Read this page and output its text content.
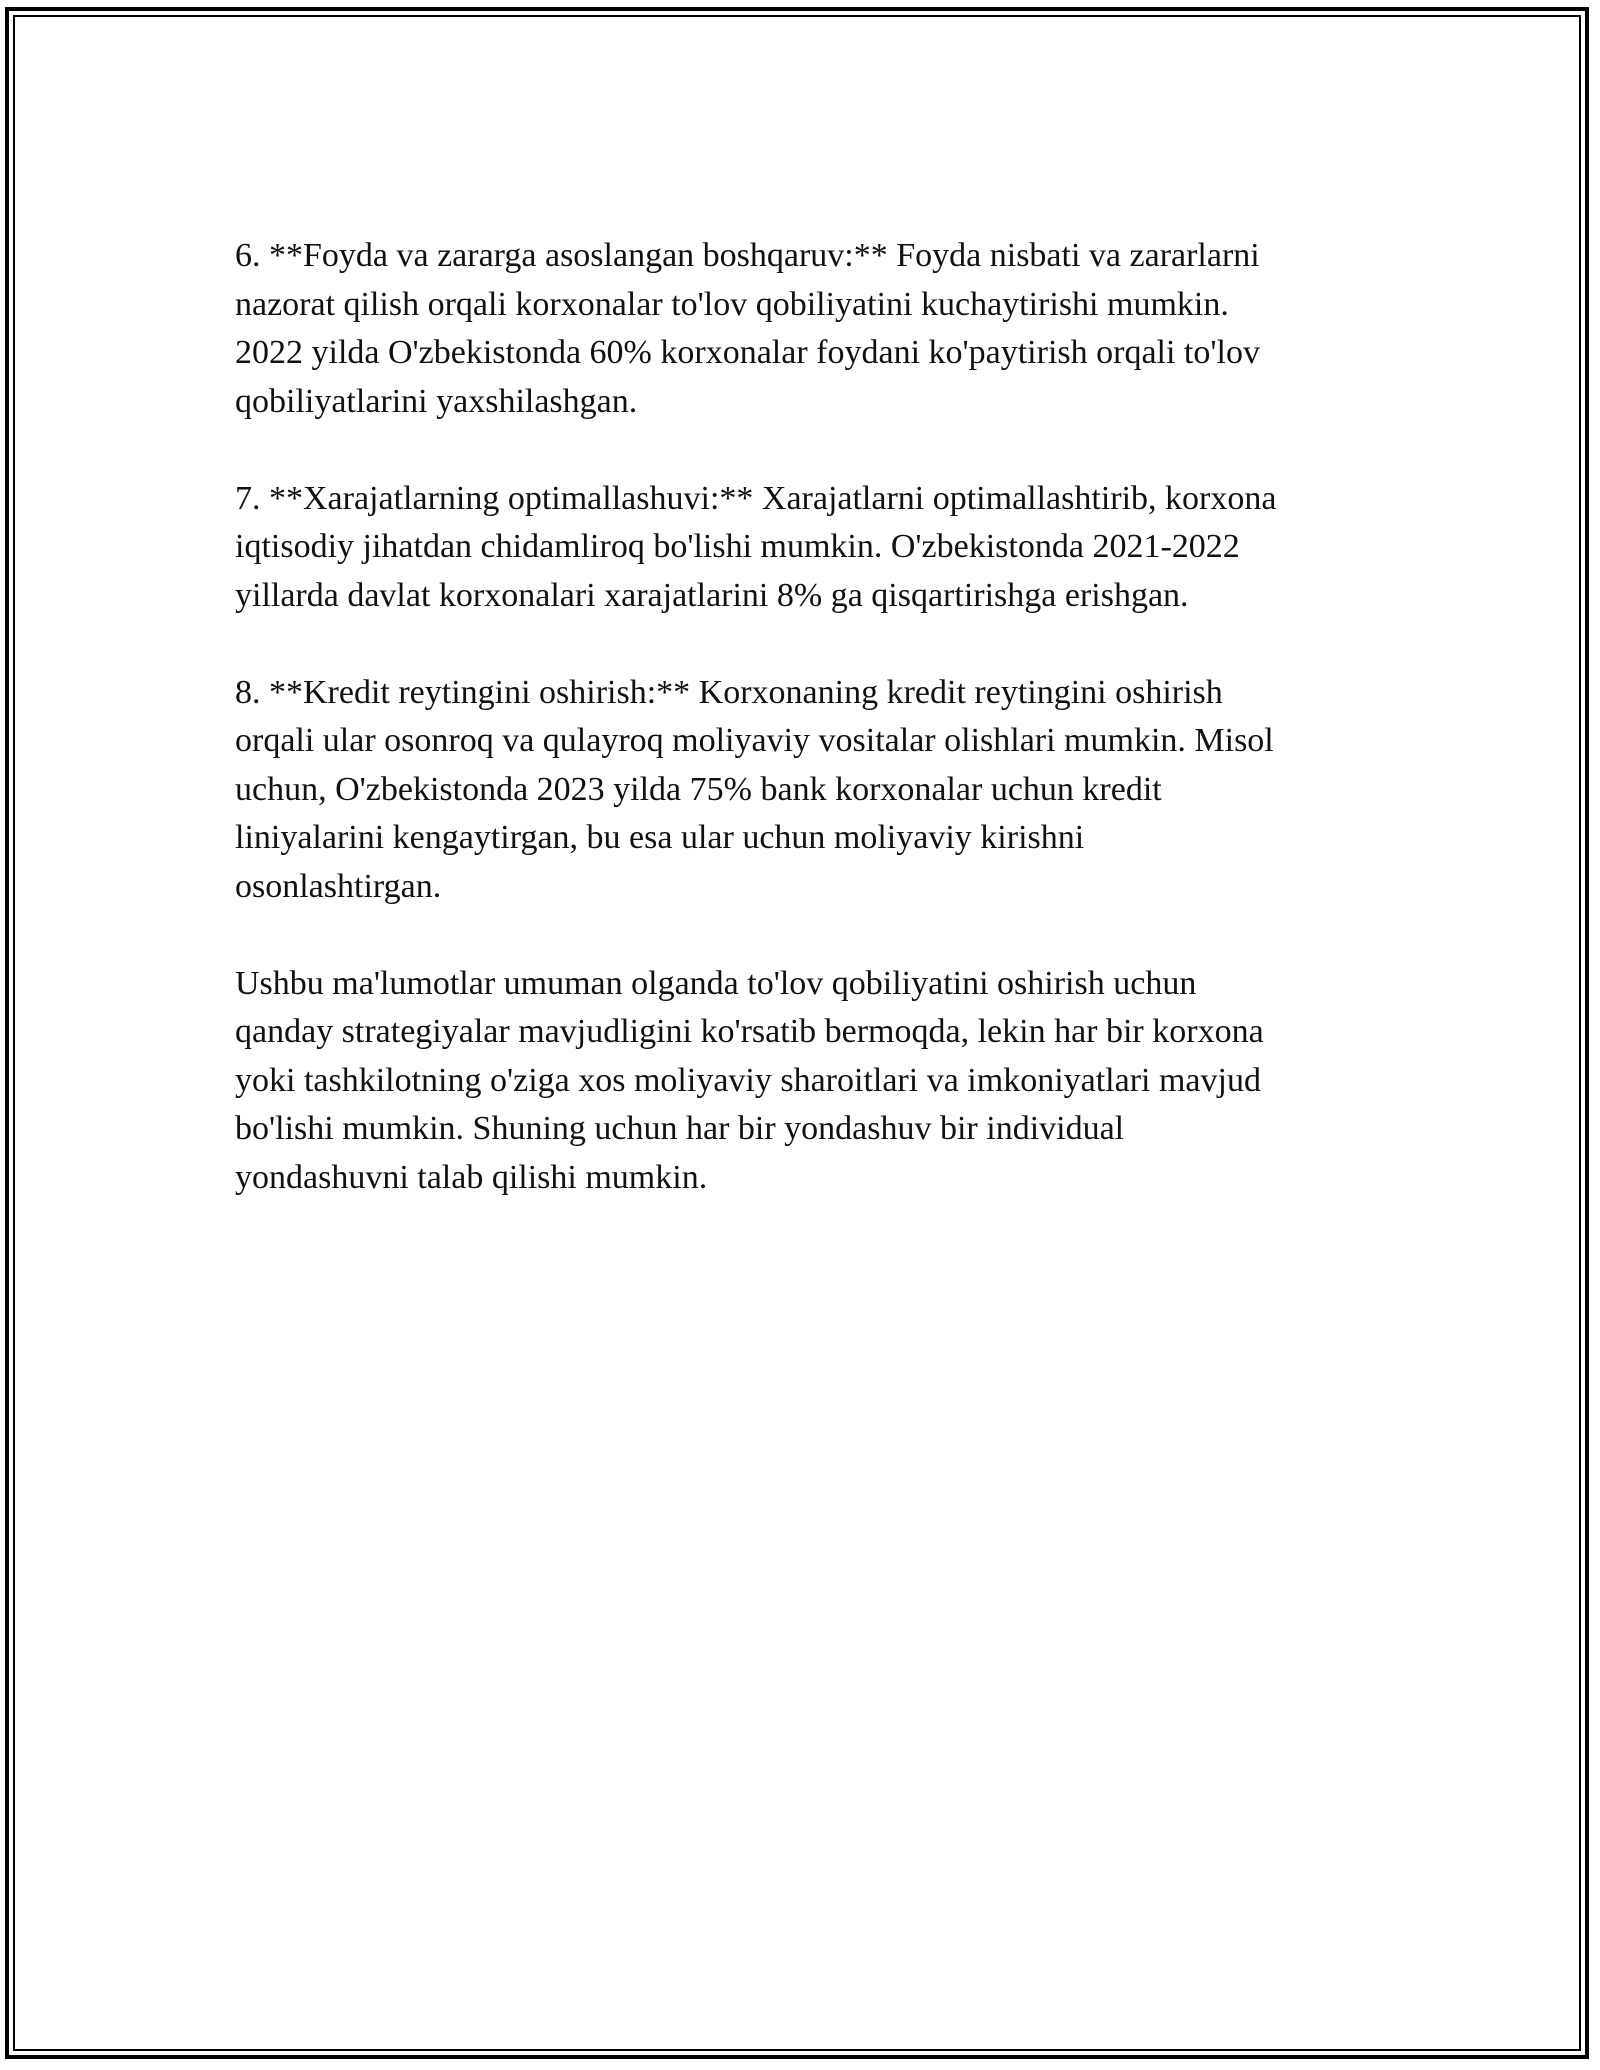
6. **Foyda va zararga asoslangan boshqaruv:** Foyda nisbati va zararlarni
nazorat qilish orqali korxonalar to'lov qobiliyatini kuchaytirishi mumkin.
2022 yilda O'zbekistonda 60% korxonalar foydani ko'paytirish orqali to'lov
qobiliyatlarini yaxshilashgan.

7. **Xarajatlarning optimallashuvi:** Xarajatlarni optimallashtirib, korxona
iqtisodiy jihatdan chidamliroq bo'lishi mumkin. O'zbekistonda 2021-2022
yillarda davlat korxonalari xarajatlarini 8% ga qisqartirishga erishgan.

8. **Kredit reytingini oshirish:** Korxonaning kredit reytingini oshirish
orqali ular osonroq va qulayroq moliyaviy vositalar olishlari mumkin. Misol
uchun, O'zbekistonda 2023 yilda 75% bank korxonalar uchun kredit
liniyalarini kengaytirgan, bu esa ular uchun moliyaviy kirishni
osonlashtirgan.

Ushbu ma'lumotlar umuman olganda to'lov qobiliyatini oshirish uchun
qanday strategiyalar mavjudligini ko'rsatib bermoqda, lekin har bir korxona
yoki tashkilotning o'ziga xos moliyaviy sharoitlari va imkoniyatlari mavjud
bo'lishi mumkin. Shuning uchun har bir yondashuv bir individual
yondashuvni talab qilishi mumkin.
